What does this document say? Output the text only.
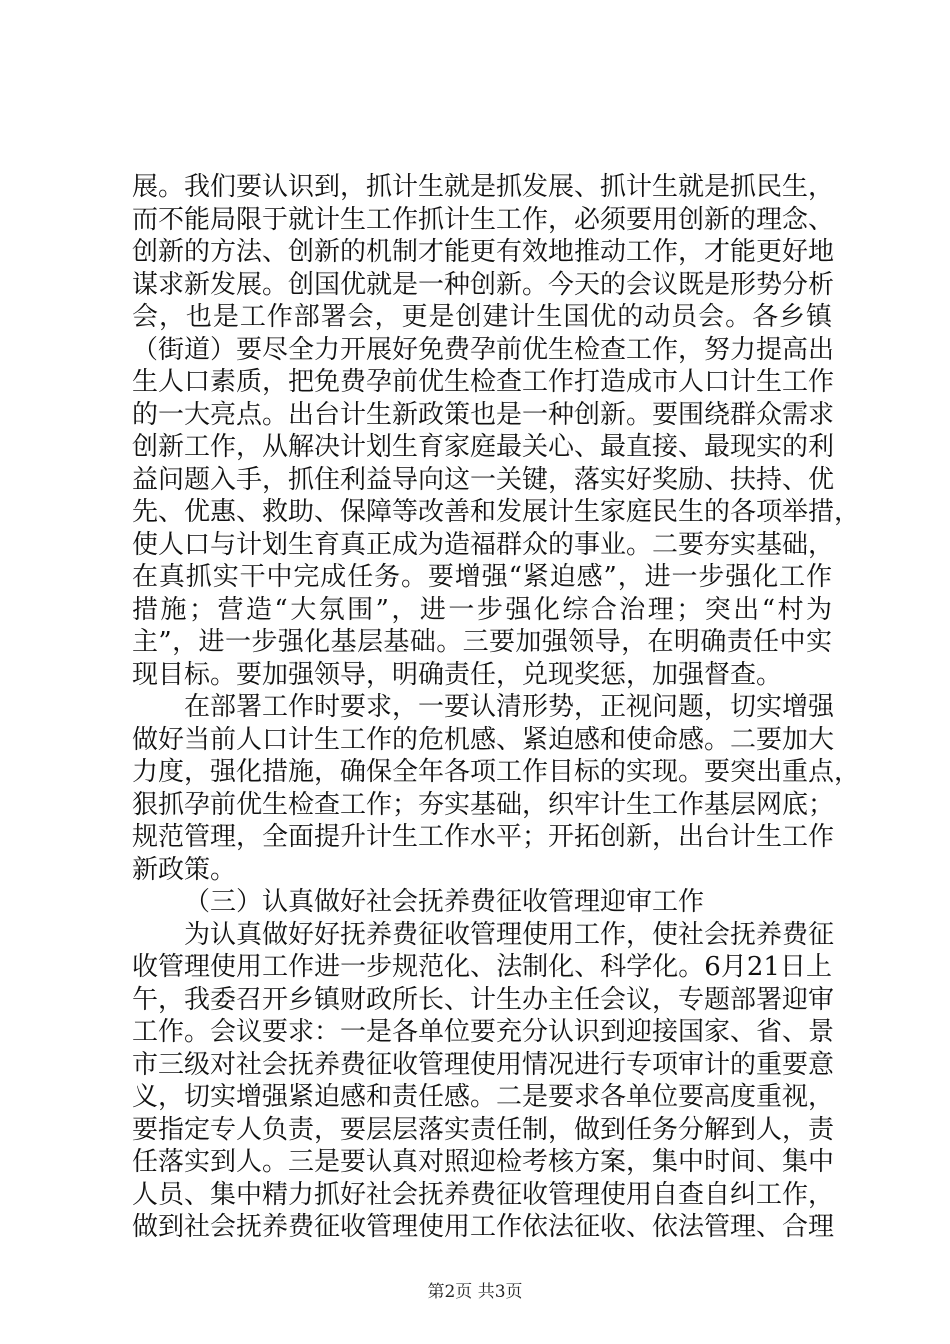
展。我们要认识到，抓计生就是抓发展、抓计生就是抓民生，
而不能局限于就计生工作抓计生工作，必须要用创新的理念、
创新的方法、创新的机制才能更有效地推动工作，才能更好地
谋求新发展。创国优就是一种创新。今天的会议既是形势分析
会，也是工作部署会，更是创建计生国优的动员会。各乡镇
（街道）要尽全力开展好免费孕前优生检查工作，努力提高出
生人口素质，把免费孕前优生检查工作打造成市人口计生工作
的一大亮点。出台计生新政策也是一种创新。要围绕群众需求
创新工作，从解决计划生育家庭最关心、最直接、最现实的利
益问题入手，抓住利益导向这一关键，落实好奖励、扶持、优
先、优惠、救助、保障等改善和发展计生家庭民生的各项举措，
使人口与计划生育真正成为造福群众的事业。二要夯实基础，
在真抓实干中完成任务。要增强“紧迫感”，进一步强化工作
措施；营造“大氛围”，进一步强化综合治理；突出“村为
主”，进一步强化基层基础。三要加强领导，在明确责任中实
现目标。要加强领导，明确责任，兑现奖惩，加强督查。
在部署工作时要求，一要认清形势，正视问题，切实增强
做好当前人口计生工作的危机感、紧迫感和使命感。二要加大
力度，强化措施，确保全年各项工作目标的实现。要突出重点，
狠抓孕前优生检查工作；夯实基础，织牢计生工作基层网底；
规范管理，全面提升计生工作水平；开拓创新，出台计生工作
新政策。
（三）认真做好社会抚养费征收管理迎审工作
为认真做好好抚养费征收管理使用工作，使社会抚养费征
收管理使用工作进一步规范化、法制化、科学化。6月21日上
午，我委召开乡镇财政所长、计生办主任会议，专题部署迎审
工作。会议要求：一是各单位要充分认识到迎接国家、省、景
市三级对社会抚养费征收管理使用情况进行专项审计的重要意
义，切实增强紧迫感和责任感。二是要求各单位要高度重视，
要指定专人负责，要层层落实责任制，做到任务分解到人，责
任落实到人。三是要认真对照迎检考核方案，集中时间、集中
人员、集中精力抓好社会抚养费征收管理使用自查自纠工作，
做到社会抚养费征收管理使用工作依法征收、依法管理、合理
第2页 共3页
